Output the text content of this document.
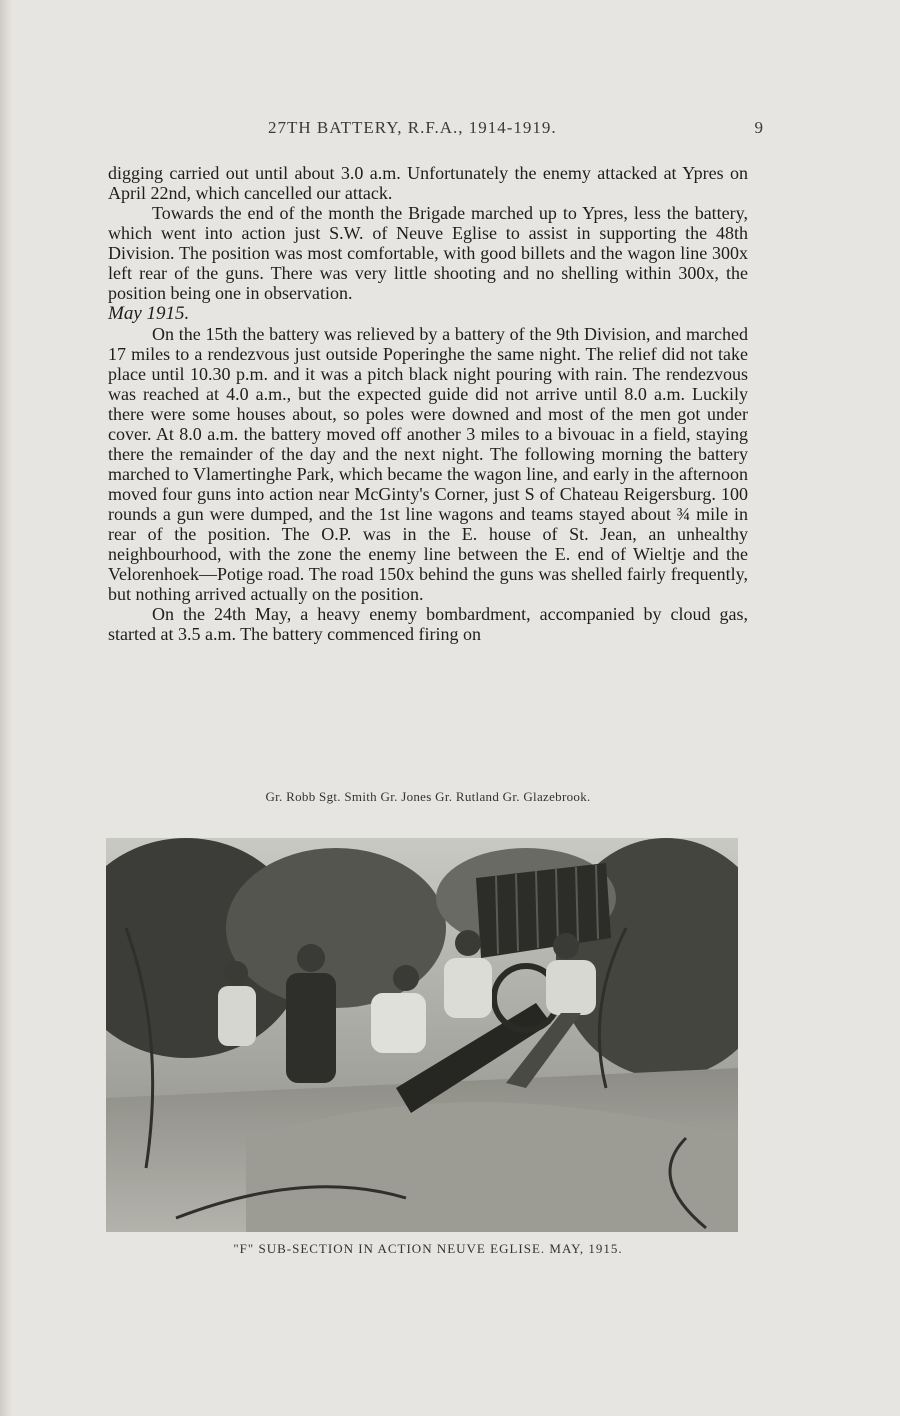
27TH BATTERY, R.F.A., 1914-1919.	9

digging carried out until about 3.0 a.m. Unfortunately the enemy attacked at Ypres on April 22nd, which cancelled our attack.

Towards the end of the month the Brigade marched up to Ypres, less the battery, which went into action just S.W. of Neuve Eglise to assist in supporting the 48th Division. The position was most comfortable, with good billets and the wagon line 300x left rear of the guns. There was very little shooting and no shelling within 300x, the position being one in observation.

May 1915.

On the 15th the battery was relieved by a battery of the 9th Division, and marched 17 miles to a rendezvous just outside Poperinghe the same night. The relief did not take place until 10.30 p.m. and it was a pitch black night pouring with rain. The rendezvous was reached at 4.0 a.m., but the expected guide did not arrive until 8.0 a.m. Luckily there were some houses about, so poles were downed and most of the men got under cover. At 8.0 a.m. the battery moved off another 3 miles to a bivouac in a field, staying there the remainder of the day and the next night. The following morning the battery marched to Vlamertinghe Park, which became the wagon line, and early in the afternoon moved four guns into action near McGinty's Corner, just S of Chateau Reigersburg. 100 rounds a gun were dumped, and the 1st line wagons and teams stayed about ¾ mile in rear of the position. The O.P. was in the E. house of St. Jean, an unhealthy neighbourhood, with the zone the enemy line between the E. end of Wieltje and the Velorenhoek—Potige road. The road 150x behind the guns was shelled fairly frequently, but nothing arrived actually on the position.

On the 24th May, a heavy enemy bombardment, accompanied by cloud gas, started at 3.5 a.m. The battery commenced firing on

Gr. Robb Sgt. Smith Gr. Jones Gr. Rutland Gr. Glazebrook.
"F" SUB-SECTION IN ACTION NEUVE EGLISE. MAY, 1915.
